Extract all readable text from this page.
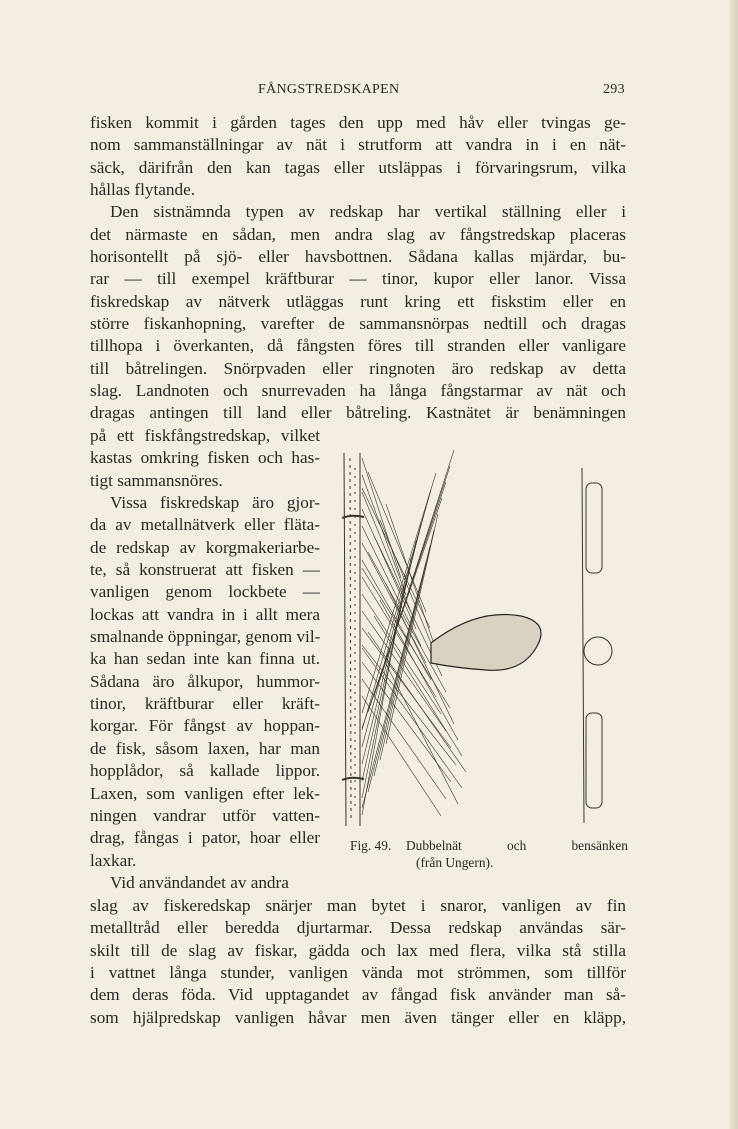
FÅNGSTREDSKAPEN	293
fisken kommit i gården tages den upp med håv eller tvingas ge-
nom sammanställningar av nät i strutform att vandra in i en nät-
säck, därifrån den kan tagas eller utsläppas i förvaringsrum, vilka
hållas flytande.
Den sistnämnda typen av redskap har vertikal ställning eller i
det närmaste en sådan, men andra slag av fångstredskap placeras
horisontellt på sjö- eller havsbottnen. Sådana kallas mjärdar, bu-
rar — till exempel kräftburar — tinor, kupor eller lanor. Vissa
fiskredskap av nätverk utläggas runt kring ett fiskstim eller en
större fiskanhopning, varefter de sammansnörpas nedtill och dragas
tillhopa i överkanten, då fångsten föres till stranden eller vanligare
till båtrelingen. Snörpvaden eller ringnoten äro redskap av detta
slag. Landnoten och snurrevaden ha långa fångstarmar av nät och
dragas antingen till land eller båtreling. Kastnätet är benämningen
på ett fiskfångstredskap, vilket
kastas omkring fisken och has-
tigt sammansnöres.
Vissa fiskredskap äro gjor-
da av metallnätverk eller fläta-
de redskap av korgmakeriarbe-
te, så konstruerat att fisken —
vanligen genom lockbete —
lockas att vandra in i allt mera
smalnande öppningar, genom vil-
ka han sedan inte kan finna ut.
Sådana äro ålkupor, hummor-
tinor, kräftburar eller kräft-
korgar. För fångst av hoppan-
de fisk, såsom laxen, har man
hopplådor, så kallade lippor.
Laxen, som vanligen efter lek-
ningen vandrar utför vatten-
drag, fångas i pator, hoar eller
laxkar.
Vid användandet av andra
slag av fiskeredskap snärjer man bytet i snaror, vanligen av fin
metalltråd eller beredda djurtarmar. Dessa redskap användas sär-
skilt till de slag av fiskar, gädda och lax med flera, vilka stå stilla
i vattnet långa stunder, vanligen vända mot strömmen, som tillför
dem deras föda. Vid upptagandet av fångad fisk använder man så-
som hjälpredskap vanligen håvar men även tänger eller en kläpp,
Fig. 49. Dubbelnät och bensänken
(från Ungern).
